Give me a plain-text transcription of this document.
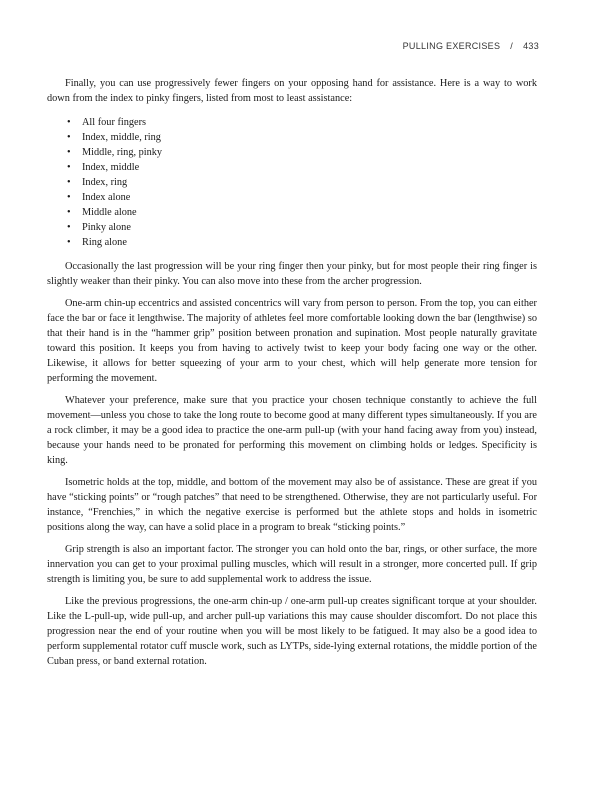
PULLING EXERCISES / 433

Finally, you can use progressively fewer fingers on your opposing hand for assistance. Here is a way to work down from the index to pinky fingers, listed from most to least assistance:

• All four fingers
• Index, middle, ring
• Middle, ring, pinky
• Index, middle
• Index, ring
• Index alone
• Middle alone
• Pinky alone
• Ring alone

Occasionally the last progression will be your ring finger then your pinky, but for most people their ring finger is slightly weaker than their pinky. You can also move into these from the archer progression.

One-arm chin-up eccentrics and assisted concentrics will vary from person to person. From the top, you can either face the bar or face it lengthwise. The majority of athletes feel more comfortable looking down the bar (lengthwise) so that their hand is in the “hammer grip” position between pronation and supination. Most people naturally gravitate toward this position. It keeps you from having to actively twist to keep your body facing one way or the other. Likewise, it allows for better squeezing of your arm to your chest, which will help generate more tension for performing the movement.

Whatever your preference, make sure that you practice your chosen technique constantly to achieve the full movement—unless you chose to take the long route to become good at many different types simultaneously. If you are a rock climber, it may be a good idea to practice the one-arm pull-up (with your hand facing away from you) instead, because your hands need to be pronated for performing this movement on climbing holds or ledges. Specificity is king.

Isometric holds at the top, middle, and bottom of the movement may also be of assistance. These are great if you have “sticking points” or “rough patches” that need to be strengthened. Otherwise, they are not particularly useful. For instance, “Frenchies,” in which the negative exercise is performed but the athlete stops and holds in isometric positions along the way, can have a solid place in a program to break “sticking points.”

Grip strength is also an important factor. The stronger you can hold onto the bar, rings, or other surface, the more innervation you can get to your proximal pulling muscles, which will result in a stronger, more concerted pull. If grip strength is limiting you, be sure to add supplemental work to address the issue.

Like the previous progressions, the one-arm chin-up / one-arm pull-up creates significant torque at your shoulder. Like the L-pull-up, wide pull-up, and archer pull-up variations this may cause shoulder discomfort. Do not place this progression near the end of your routine when you will be most likely to be fatigued. It may also be a good idea to perform supplemental rotator cuff muscle work, such as LYTPs, side-lying external rotations, the middle portion of the Cuban press, or band external rotation.
